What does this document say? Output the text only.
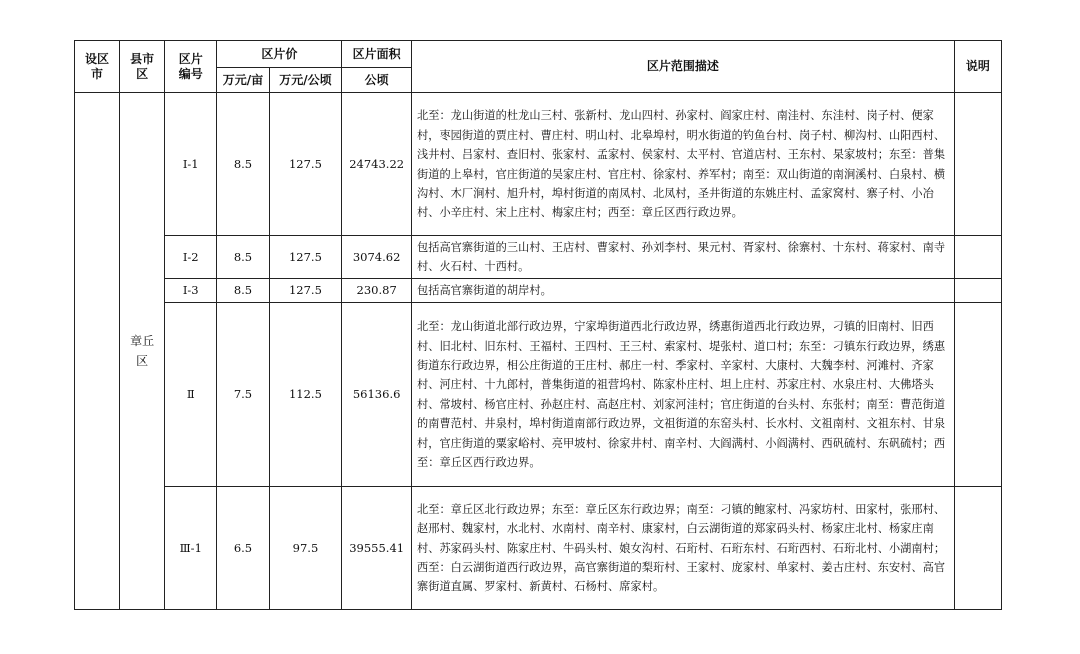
设区市	县市区	区片编号	区片价		区片面积	区片范围描述	说明
			万元/亩	万元/公顷	公顷		
	章丘区	Ⅰ-1	8.5	127.5	24743.22	北至：龙山街道的杜龙山三村、张新村、龙山四村、孙家村、阎家庄村、南洼村、东洼村、岗子村、便家村，枣园街道的贾庄村、曹庄村、明山村、北皋埠村，明水街道的钓鱼台村、岗子村、柳沟村、山阳西村、浅井村、吕家村、查旧村、张家村、孟家村、侯家村、太平村、官道店村、王东村、杲家坡村；东至：普集街道的上皋村，官庄街道的吴家庄村、官庄村、徐家村、养军村；南至：双山街道的南涧溪村、白泉村、横沟村、木厂涧村、旭升村，埠村街道的南凤村、北凤村，圣井街道的东姚庄村、孟家窝村、寨子村、小冶村、小辛庄村、宋上庄村、梅家庄村；西至：章丘区西行政边界。	
		Ⅰ-2	8.5	127.5	3074.62	包括高官寨街道的三山村、王店村、曹家村、孙刘李村、果元村、胥家村、徐寨村、十东村、蒋家村、南寺村、火石村、十西村。	
		Ⅰ-3	8.5	127.5	230.87	包括高官寨街道的胡岸村。	
		Ⅱ	7.5	112.5	56136.6	北至：龙山街道北部行政边界，宁家埠街道西北行政边界，绣惠街道西北行政边界，刁镇的旧南村、旧西村、旧北村、旧东村、王福村、王四村、王三村、索家村、堤张村、道口村；东至：刁镇东行政边界，绣惠街道东行政边界，相公庄街道的王庄村、郝庄一村、季家村、辛家村、大康村、大魏李村、河滩村、齐家村、河庄村、十九郎村，普集街道的祖营坞村、陈家朴庄村、坦上庄村、苏家庄村、水泉庄村、大佛塔头村、常坡村、杨官庄村、孙赵庄村、高赵庄村、刘家河洼村；官庄街道的台头村、东张村；南至：曹范街道的南曹范村、井泉村，埠村街道南部行政边界，文祖街道的东窑头村、长水村、文祖南村、文祖东村、甘泉村，官庄街道的粟家峪村、亮甲坡村、徐家井村、南辛村、大阎满村、小阎满村、西矾硫村、东矾硫村；西至：章丘区西行政边界。	
		Ⅲ-1	6.5	97.5	39555.41	北至：章丘区北行政边界；东至：章丘区东行政边界；南至：刁镇的鲍家村、冯家坊村、田家村，张邢村、赵邢村、魏家村，水北村、水南村、南辛村、康家村，白云湖街道的郑家码头村、杨家庄北村、杨家庄南村、苏家码头村、陈家庄村、牛码头村、娘女沟村、石珩村、石珩东村、石珩西村、石珩北村、小湖南村；西至：白云湖街道西行政边界，高官寨街道的梨珩村、王家村、庞家村、单家村、姜古庄村、东安村、高官寨街道直属、罗家村、新黄村、石杨村、席家村。	
